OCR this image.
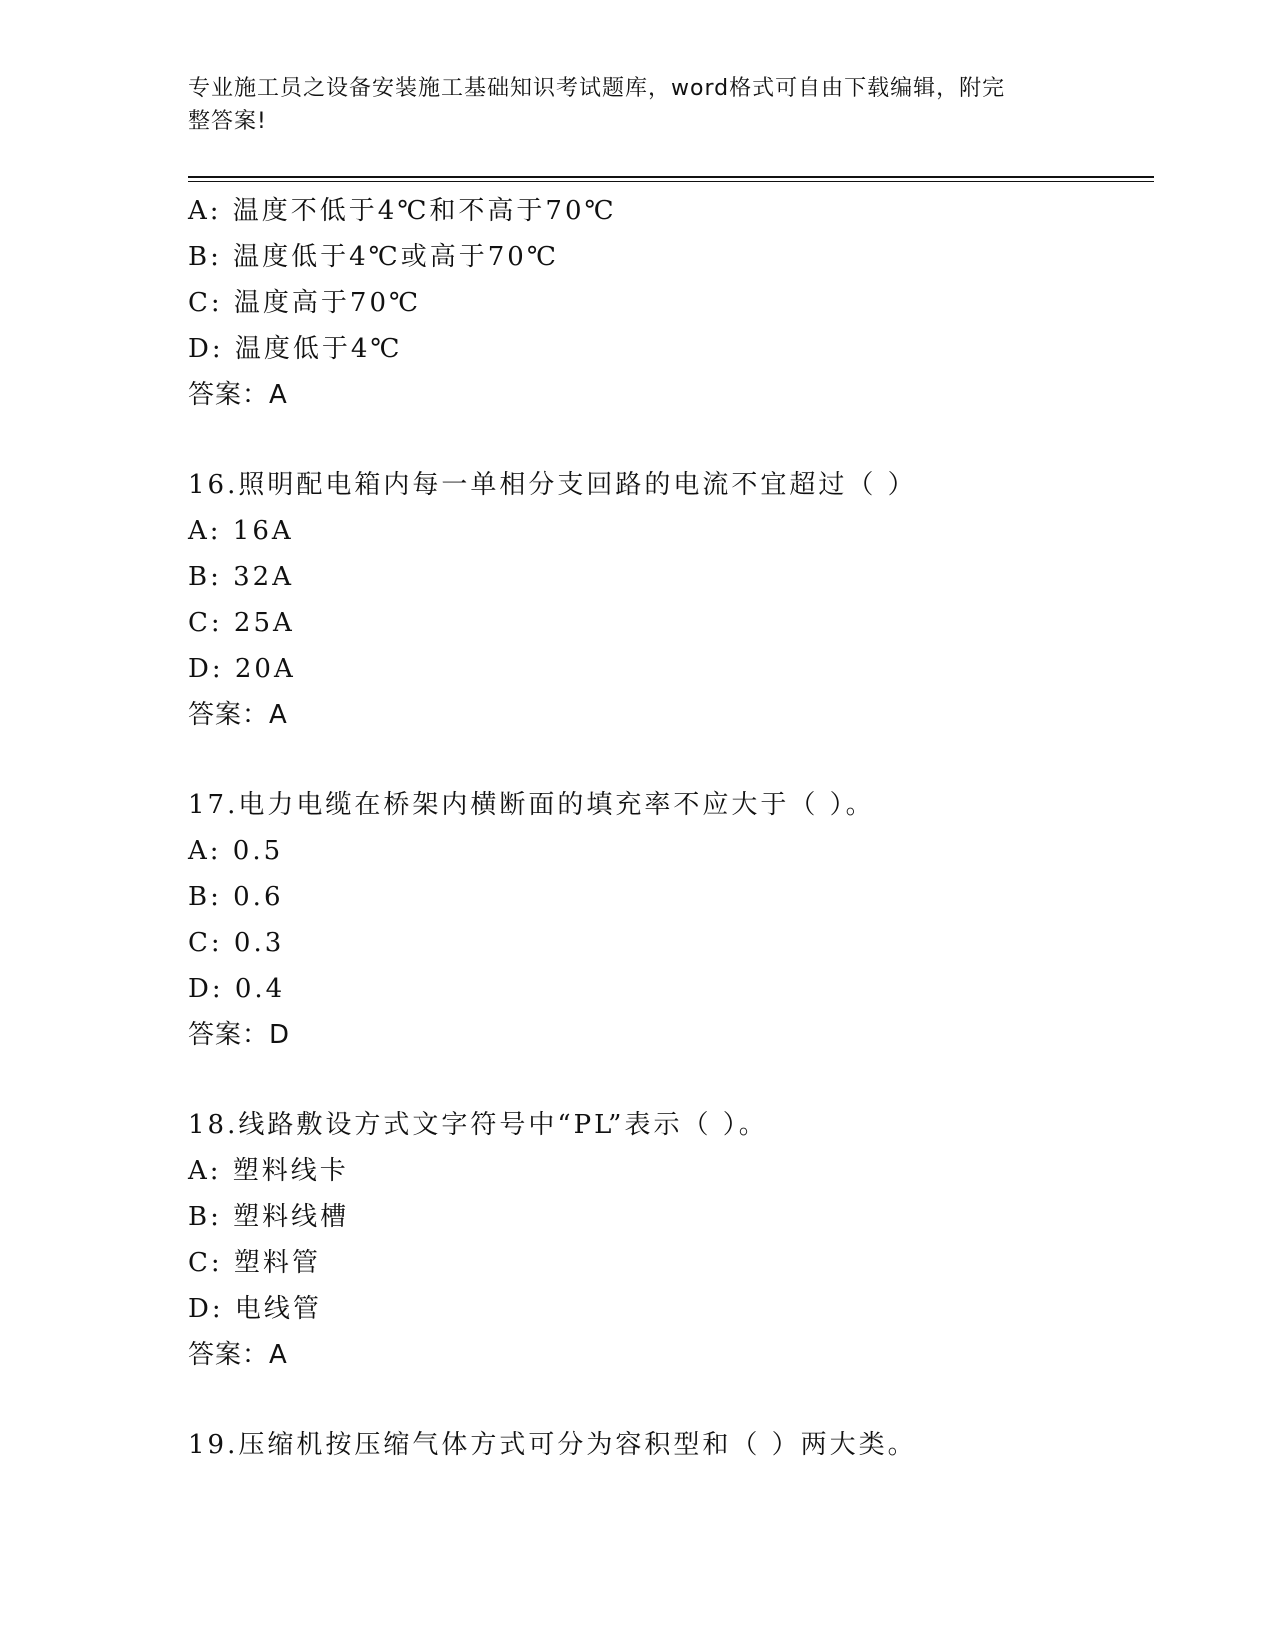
专业施工员之设备安装施工基础知识考试题库，word格式可自由下载编辑，附完
整答案!
A: 温度不低于4℃和不高于70℃
B: 温度低于4℃或高于70℃
C: 温度高于70℃
D: 温度低于4℃
答案：A
16.照明配电箱内每一单相分支回路的电流不宜超过（ ）
A: 16A
B: 32A
C: 25A
D: 20A
答案：A
17.电力电缆在桥架内横断面的填充率不应大于（ ）。
A: 0.5
B: 0.6
C: 0.3
D: 0.4
答案：D
18.线路敷设方式文字符号中“PL”表示（ ）。
A: 塑料线卡
B: 塑料线槽
C: 塑料管
D: 电线管
答案：A
19.压缩机按压缩气体方式可分为容积型和（ ）两大类。
